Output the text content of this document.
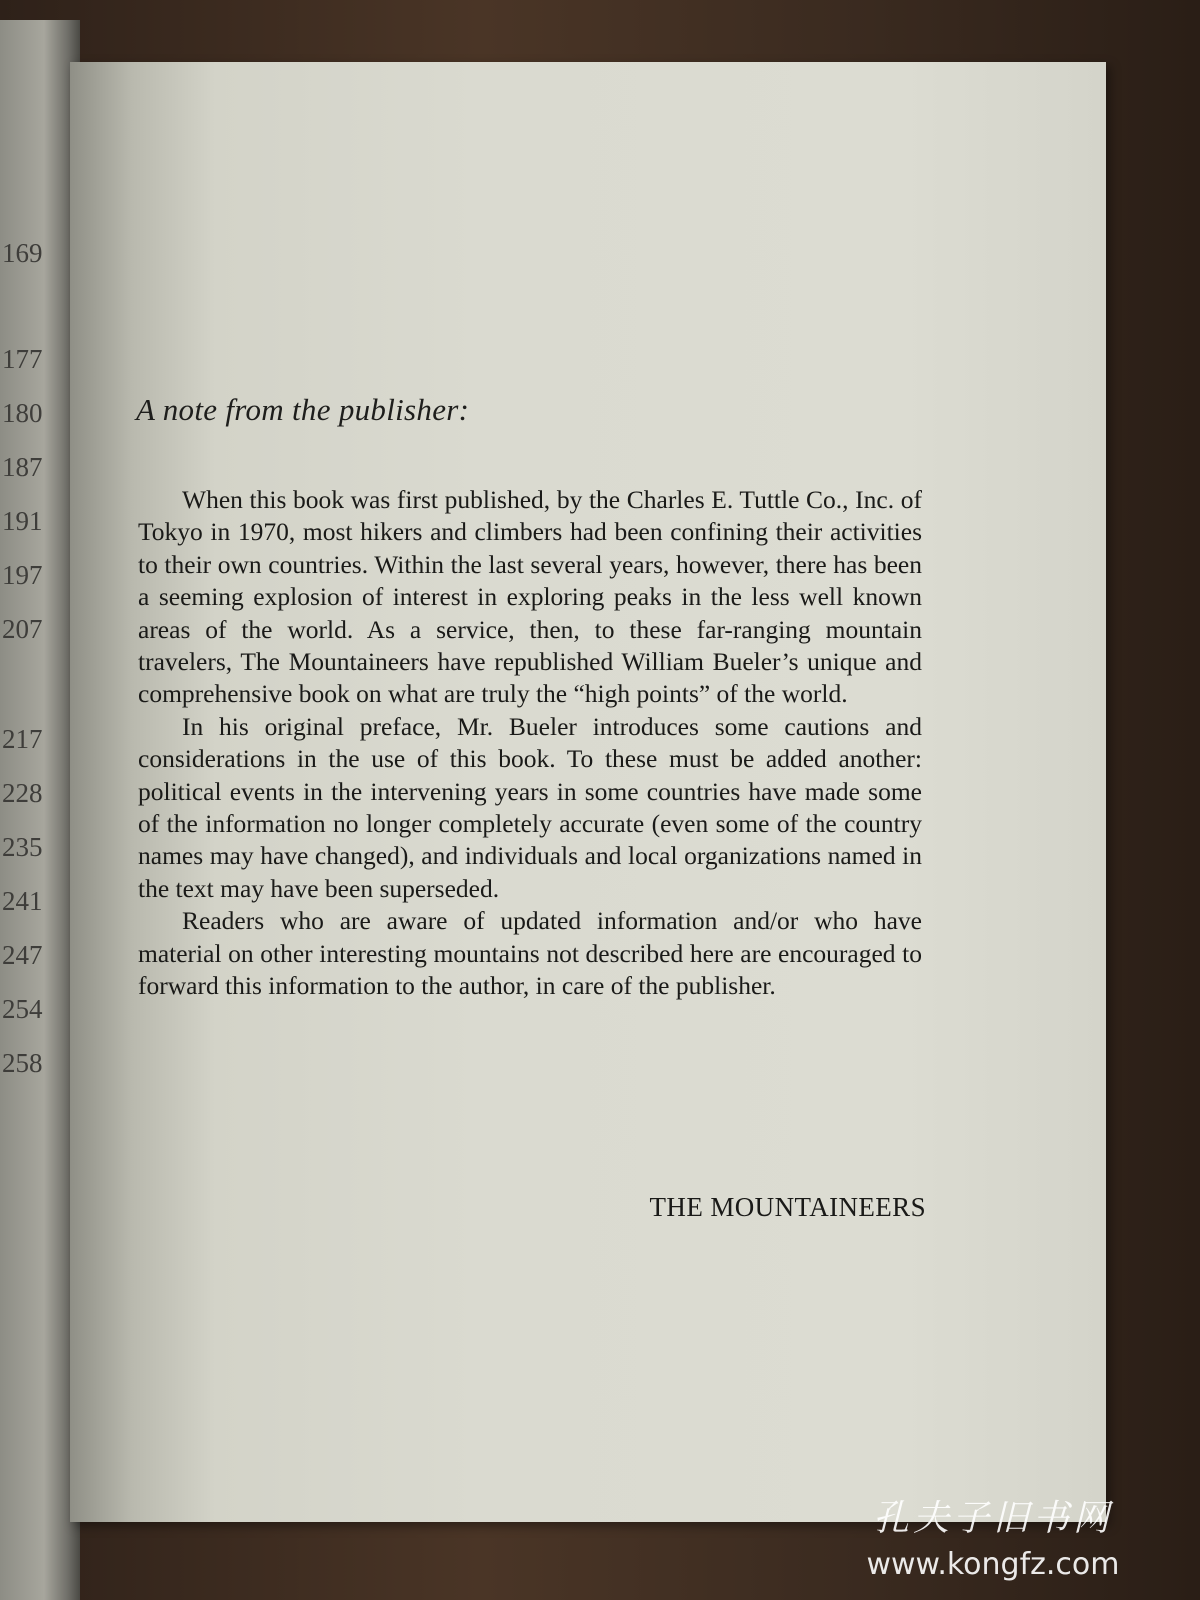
169
177
180
187
191
197
207
217
228
235
241
247
254
258
A note from the publisher:

When this book was first published, by the Charles E. Tuttle Co., Inc. of Tokyo in 1970, most hikers and climbers had been confining their activities to their own countries. Within the last several years, however, there has been a seeming explosion of interest in exploring peaks in the less well known areas of the world. As a service, then, to these far-ranging mountain travelers, The Mountaineers have republished William Bueler’s unique and comprehensive book on what are truly the “high points” of the world.

In his original preface, Mr. Bueler introduces some cautions and considerations in the use of this book. To these must be added another: political events in the intervening years in some countries have made some of the information no longer completely accurate (even some of the country names may have changed), and individuals and local organizations named in the text may have been superseded.

Readers who are aware of updated information and/or who have material on other interesting mountains not described here are encouraged to forward this information to the author, in care of the publisher.

THE MOUNTAINEERS
孔夫子旧书网
www.kongfz.com
